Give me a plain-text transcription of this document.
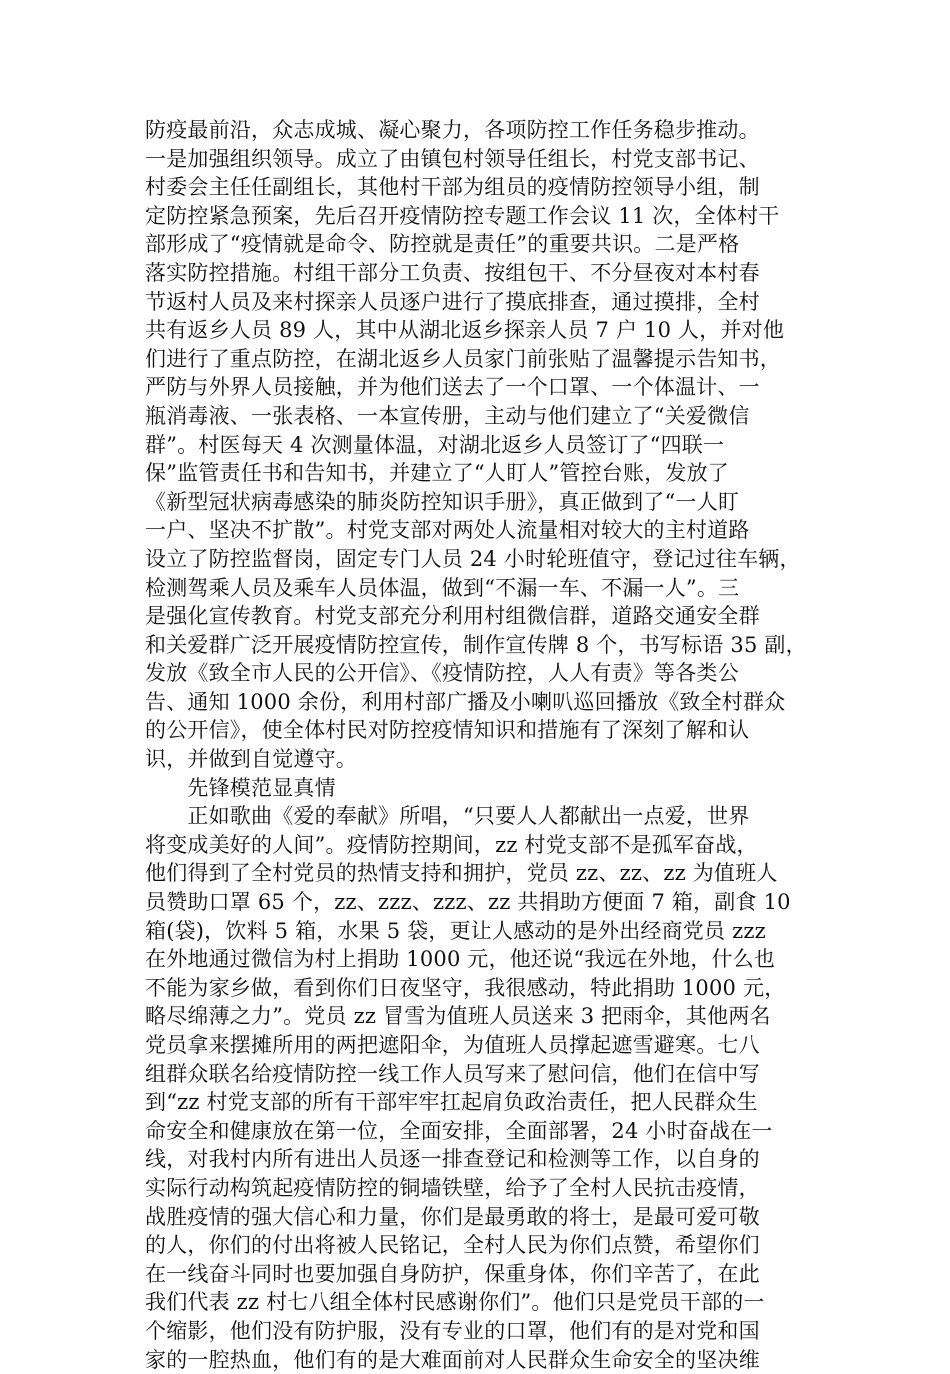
防疫最前沿，众志成城、凝心聚力，各项防控工作任务稳步推动。
一是加强组织领导。成立了由镇包村领导任组长，村党支部书记、
村委会主任任副组长，其他村干部为组员的疫情防控领导小组，制
定防控紧急预案，先后召开疫情防控专题工作会议 11 次，全体村干
部形成了“疫情就是命令、防控就是责任”的重要共识。二是严格
落实防控措施。村组干部分工负责、按组包干、不分昼夜对本村春
节返村人员及来村探亲人员逐户进行了摸底排查，通过摸排，全村
共有返乡人员 89 人，其中从湖北返乡探亲人员 7 户 10 人，并对他
们进行了重点防控，在湖北返乡人员家门前张贴了温馨提示告知书，
严防与外界人员接触，并为他们送去了一个口罩、一个体温计、一
瓶消毒液、一张表格、一本宣传册，主动与他们建立了“关爱微信
群”。村医每天 4 次测量体温，对湖北返乡人员签订了“四联一
保”监管责任书和告知书，并建立了“人盯人”管控台账，发放了
《新型冠状病毒感染的肺炎防控知识手册》，真正做到了“一人盯
一户、坚决不扩散”。村党支部对两处人流量相对较大的主村道路
设立了防控监督岗，固定专门人员 24 小时轮班值守，登记过往车辆，
检测驾乘人员及乘车人员体温，做到“不漏一车、不漏一人”。三
是强化宣传教育。村党支部充分利用村组微信群，道路交通安全群
和关爱群广泛开展疫情防控宣传，制作宣传牌 8 个，书写标语 35 副，
发放《致全市人民的公开信》、《疫情防控，人人有责》等各类公
告、通知 1000 余份，利用村部广播及小喇叭巡回播放《致全村群众
的公开信》，使全体村民对防控疫情知识和措施有了深刻了解和认
识，并做到自觉遵守。
　　先锋模范显真情
　　正如歌曲《爱的奉献》所唱，“只要人人都献出一点爱，世界
将变成美好的人间”。疫情防控期间，zz 村党支部不是孤军奋战，
他们得到了全村党员的热情支持和拥护，党员 zz、zz、zz 为值班人
员赞助口罩 65 个，zz、zzz、zzz、zz 共捐助方便面 7 箱，副食 10
箱(袋)，饮料 5 箱，水果 5 袋，更让人感动的是外出经商党员 zzz
在外地通过微信为村上捐助 1000 元，他还说“我远在外地，什么也
不能为家乡做，看到你们日夜坚守，我很感动，特此捐助 1000 元，
略尽绵薄之力”。党员 zz 冒雪为值班人员送来 3 把雨伞，其他两名
党员拿来摆摊所用的两把遮阳伞，为值班人员撑起遮雪避寒。七八
组群众联名给疫情防控一线工作人员写来了慰问信，他们在信中写
到“zz 村党支部的所有干部牢牢扛起肩负政治责任，把人民群众生
命安全和健康放在第一位，全面安排，全面部署，24 小时奋战在一
线，对我村内所有进出人员逐一排查登记和检测等工作，以自身的
实际行动构筑起疫情防控的铜墙铁壁，给予了全村人民抗击疫情，
战胜疫情的强大信心和力量，你们是最勇敢的将士，是最可爱可敬
的人，你们的付出将被人民铭记，全村人民为你们点赞，希望你们
在一线奋斗同时也要加强自身防护，保重身体，你们辛苦了，在此
我们代表 zz 村七八组全体村民感谢你们”。他们只是党员干部的一
个缩影，他们没有防护服，没有专业的口罩，他们有的是对党和国
家的一腔热血，他们有的是大难面前对人民群众生命安全的坚决维
